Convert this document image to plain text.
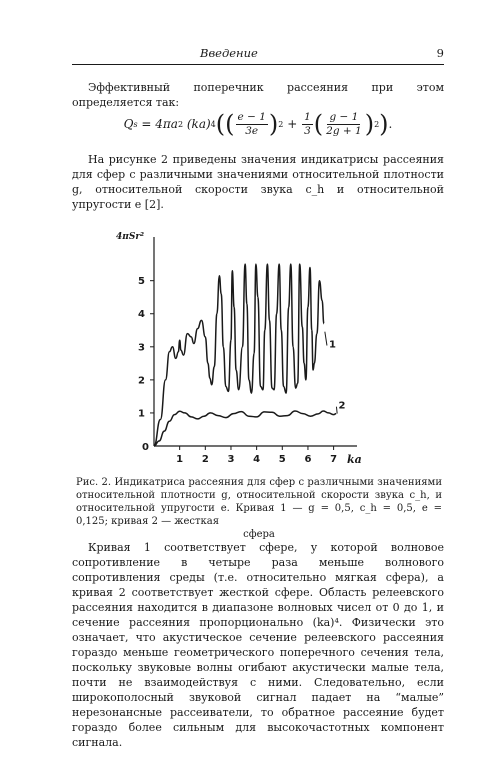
Введение	9

Эффективный поперечник рассеяния при этом определяется так:

Q s
= 4πa 2
(ka) 4 ( ( $\frac{e - 1}{3e}$ ) 2
+
$\frac{1}{3}$ ( $\frac{g - 1}{2g + 1}$ ) 2 ) .

На рисунке 2 приведены значения индикатрисы рассеяния для сфер с различными значениями относительной плотности g, относительной скорости звука c_h и относительной упругости e [2].

1 2 3 4 5 6 7
1
2
3
4
5
1
2
4πSr²
ka
0

Рис. 2. Индикатриса рассеяния для сфер с различными значениями относительной плотности g, относительной скорости звука c_h, и относительной упругости e. Кривая 1 — g = 0,5, c_h = 0,5, e = 0,125; кривая 2 — жесткая
сфера

Кривая 1 соответствует сфере, у которой волновое сопротивление в четыре раза меньше волнового сопротивления среды (т.е. относительно мягкая сфера), а кривая 2 соответствует жесткой сфере. Область релеевского рассеяния находится в диапазоне волновых чисел от 0 до 1, и сечение рассеяния пропорционально (ka)⁴. Физически это означает, что акустическое сечение релеевского рассеяния гораздо меньше геометрического поперечного сечения тела, поскольку звуковые волны огибают акустически малые тела, почти не взаимодействуя с ними. Следовательно, если широкополосный звуковой сигнал падает на “малые” нерезонансные рассеиватели, то обратное рассеяние будет гораздо более сильным для высокочастотных компонент сигнала.
